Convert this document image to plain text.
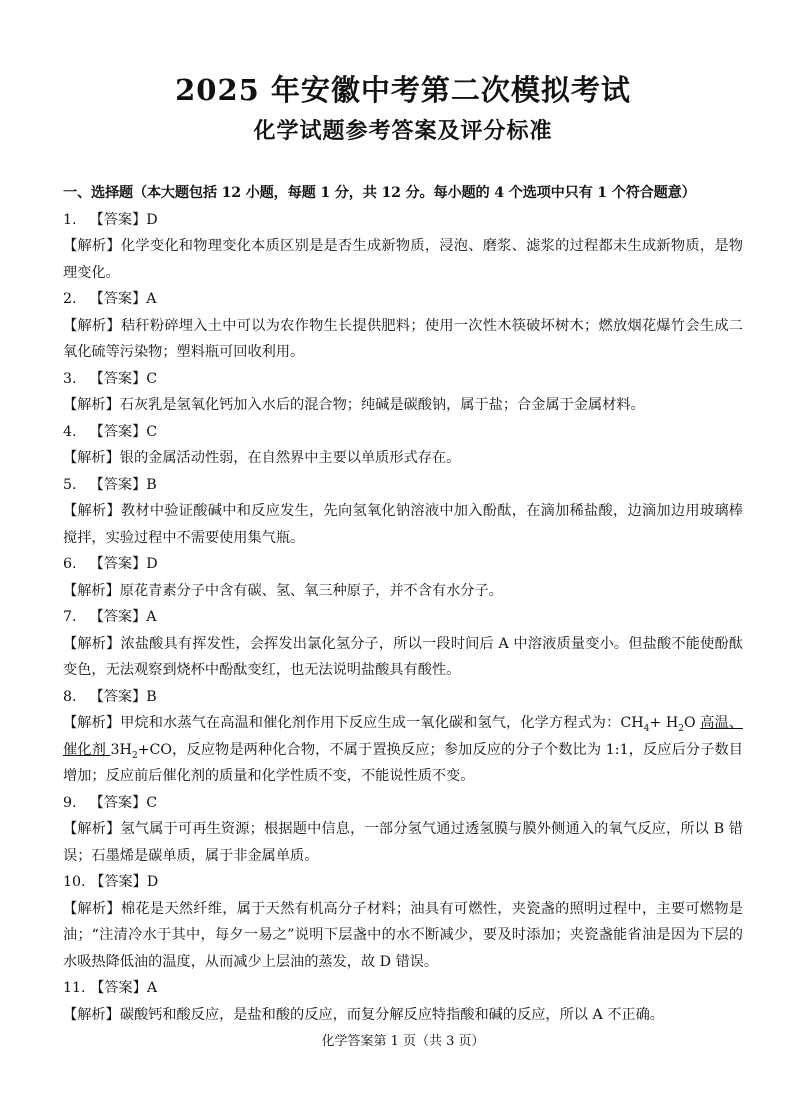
2025 年安徽中考第二次模拟考试
化学试题参考答案及评分标准
一、选择题（本大题包括 12 小题，每题 1 分，共 12 分。每小题的 4 个选项中只有 1 个符合题意）
1. 【答案】D
【解析】化学变化和物理变化本质区别是是否生成新物质，浸泡、磨浆、滤浆的过程都未生成新物质，是物理变化。
2. 【答案】A
【解析】秸秆粉碎埋入土中可以为农作物生长提供肥料；使用一次性木筷破坏树木；燃放烟花爆竹会生成二氧化硫等污染物；塑料瓶可回收利用。
3. 【答案】C
【解析】石灰乳是氢氧化钙加入水后的混合物；纯碱是碳酸钠，属于盐；合金属于金属材料。
4. 【答案】C
【解析】银的金属活动性弱，在自然界中主要以单质形式存在。
5. 【答案】B
【解析】教材中验证酸碱中和反应发生，先向氢氧化钠溶液中加入酚酞，在滴加稀盐酸，边滴加边用玻璃棒搅拌，实验过程中不需要使用集气瓶。
6. 【答案】D
【解析】原花青素分子中含有碳、氢、氧三种原子，并不含有水分子。
7. 【答案】A
【解析】浓盐酸具有挥发性，会挥发出氯化氢分子，所以一段时间后 A 中溶液质量变小。但盐酸不能使酚酞变色，无法观察到烧杯中酚酞变红，也无法说明盐酸具有酸性。
8. 【答案】B
【解析】甲烷和水蒸气在高温和催化剂作用下反应生成一氧化碳和氢气，化学方程式为：$CH_4+ H_2O$ 高温、催化剂 $3H_2+CO$，反应物是两种化合物，不属于置换反应；参加反应的分子个数比为 1:1，反应后分子数目增加；反应前后催化剂的质量和化学性质不变，不能说性质不变。
9. 【答案】C
【解析】氢气属于可再生资源；根据题中信息，一部分氢气通过透氢膜与膜外侧通入的氧气反应，所以 B 错误；石墨烯是碳单质，属于非金属单质。
10. 【答案】D
【解析】棉花是天然纤维，属于天然有机高分子材料；油具有可燃性，夹瓷盏的照明过程中，主要可燃物是油；“注清冷水于其中，每夕一易之”说明下层盏中的水不断减少，要及时添加；夹瓷盏能省油是因为下层的水吸热降低油的温度，从而减少上层油的蒸发，故 D 错误。
11. 【答案】A
【解析】碳酸钙和酸反应，是盐和酸的反应，而复分解反应特指酸和碱的反应，所以 A 不正确。
化学答案第 1 页（共 3 页）
